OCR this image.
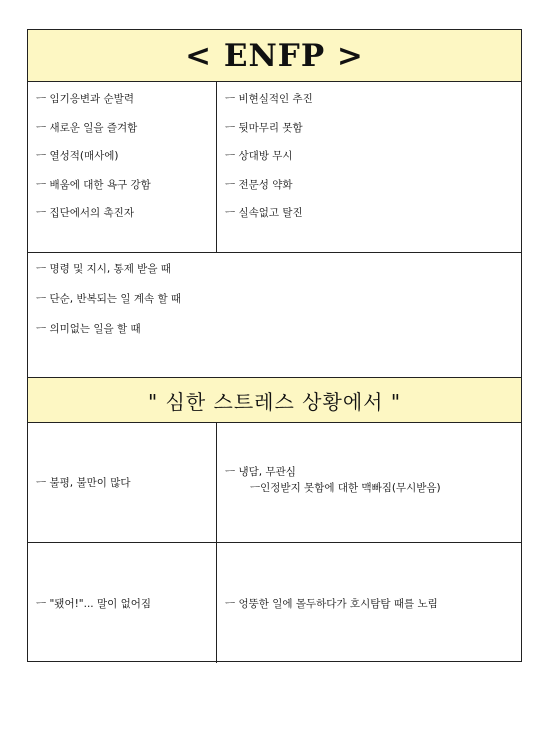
< ENFP >
ㅡ 임기응변과 순발력
ㅡ 새로운 일을 즐겨함
ㅡ 열성적(매사에)
ㅡ 배움에 대한 욕구 강함
ㅡ 집단에서의 촉진자
ㅡ 비현실적인 추진
ㅡ 뒷마무리 못함
ㅡ 상대방 무시
ㅡ 전문성 약화
ㅡ 실속없고 탈진
ㅡ 명령 및 지시, 통제 받을 때
ㅡ 단순, 반복되는 일 계속 할 때
ㅡ 의미없는 일을 할 때
" 심한 스트레스 상황에서 "
ㅡ 불평, 불만이 많다
ㅡ 냉담, 무관심
ㅡ인정받지 못함에 대한 맥빠짐(무시받음)
ㅡ "됐어!"... 말이 없어짐	ㅡ 엉뚱한 일에 몰두하다가 호시탐탐 때를 노림
